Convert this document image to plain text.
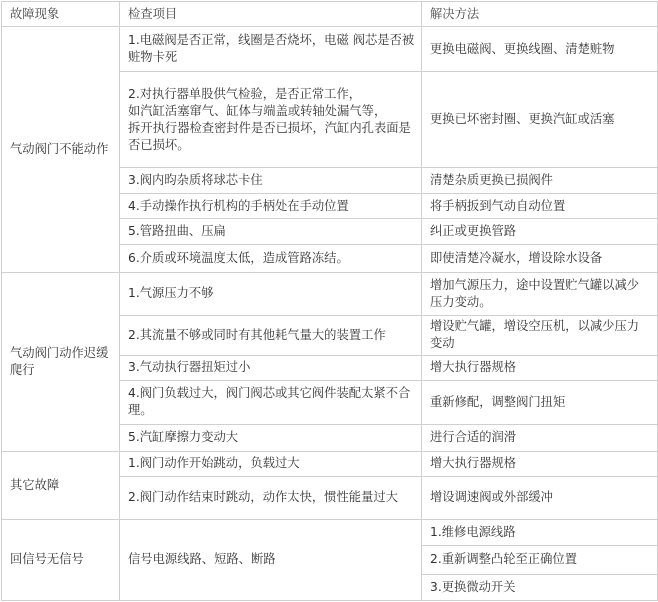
故障现象	检查项目	解决方法
气动阀门不能动作	1.电磁阀是否正常，线圈是否烧坏，电磁 阀芯是否被赃物卡死	更换电磁阀、更换线圈、清楚赃物

	2.对执行器单股供气检验，是否正常工作，
如汽缸活塞窜气、缸体与端盖或转轴处漏气等，
拆开执行器检查密封件是否已损坏，汽缸内孔表面是否已损坏。	更换已坏密封圈、更换汽缸或活塞
	3.阀内昀杂质将球芯卡住	清楚杂质更换已损阀件
	4.手动操作执行机构的手柄处在手动位置	将手柄扳到气动自动位置
	5.管路扭曲、压扁	纠正或更换管路
	6.介质或环境温度太低，造成管路冻结。	即使清楚冷凝水，增设除水设备
气动阀门动作迟缓爬行	1.气源压力不够	增加气源压力，途中设置贮气罐以减少压力变动。
	2.其流量不够或同时有其他耗气量大的装置工作	增设贮气罐，增设空压机，以减少压力变动
	3.气动执行器扭矩过小	增大执行器规格
	4.阀门负载过大，阀门阀芯或其它阀件装配太紧不合理。	重新修配，调整阀门扭矩
	5.汽缸摩擦力变动大	进行合适的润滑
其它故障	1.阀门动作开始跳动，负载过大	增大执行器规格
	2.阀门动作结束时跳动，动作太快，惯性能量过大	增设调速阀或外部缓冲
回信号无信号	信号电源线路、短路、断路	1.维修电源线路
		2.重新调整凸轮至正确位置
		3.更换微动开关
